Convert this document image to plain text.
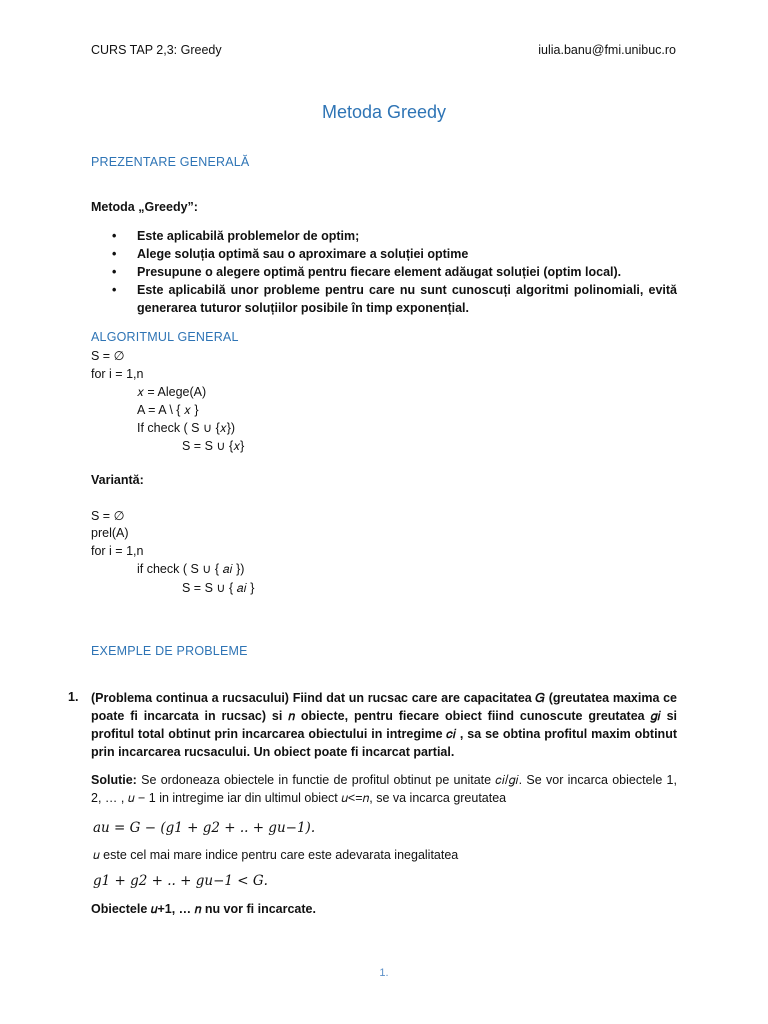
CURS TAP 2,3: Greedy	iulia.banu@fmi.unibuc.ro
Metoda Greedy
PREZENTARE GENERALĂ
Metoda „Greedy”:
• Este aplicabilă problemelor de optim;
• Alege soluția optimă sau o aproximare a soluției optime
• Presupune o alegere optimă pentru fiecare element adăugat soluției (optim local).
• Este aplicabilă unor probleme pentru care nu sunt cunoscuți algoritmi polinomiali, evită generarea tuturor soluțiilor posibile în timp exponențial.
ALGORITMUL GENERAL
S = ∅
for i = 1,n
𝑥 = Alege(A)
A = A \ { 𝑥 }
If check ( S ∪ {𝑥})
S = S ∪ {𝑥}
Variantă:
S = ∅
prel(A)
for i = 1,n
if check ( S ∪ { 𝑎𝑖 })
S = S ∪ { 𝑎𝑖 }
EXEMPLE DE PROBLEME
1. (Problema continua a rucsacului) Fiind dat un rucsac care are capacitatea 𝐺 (greutatea maxima ce poate fi incarcata in rucsac) si 𝑛 obiecte, pentru fiecare obiect fiind cunoscute greutatea 𝑔𝑖 si profitul total obtinut prin incarcarea obiectului in intregime 𝑐𝑖 , sa se obtina profitul maxim obtinut prin incarcarea rucsacului. Un obiect poate fi incarcat partial.
Solutie: Se ordoneaza obiectele in functie de profitul obtinut pe unitate 𝑐𝑖/𝑔𝑖. Se vor incarca obiectele 1, 2, … , 𝑢 − 1 in intregime iar din ultimul obiect 𝑢<=𝑛, se va incarca greutatea
𝑎𝑢 = 𝐺 − (𝑔1 + 𝑔2 + .. + 𝑔𝑢−1).
𝑢 este cel mai mare indice pentru care este adevarata inegalitatea
𝑔1 + 𝑔2 + .. + 𝑔𝑢−1 < 𝐺.
Obiectele 𝑢+1, … 𝑛 nu vor fi incarcate.
1.
